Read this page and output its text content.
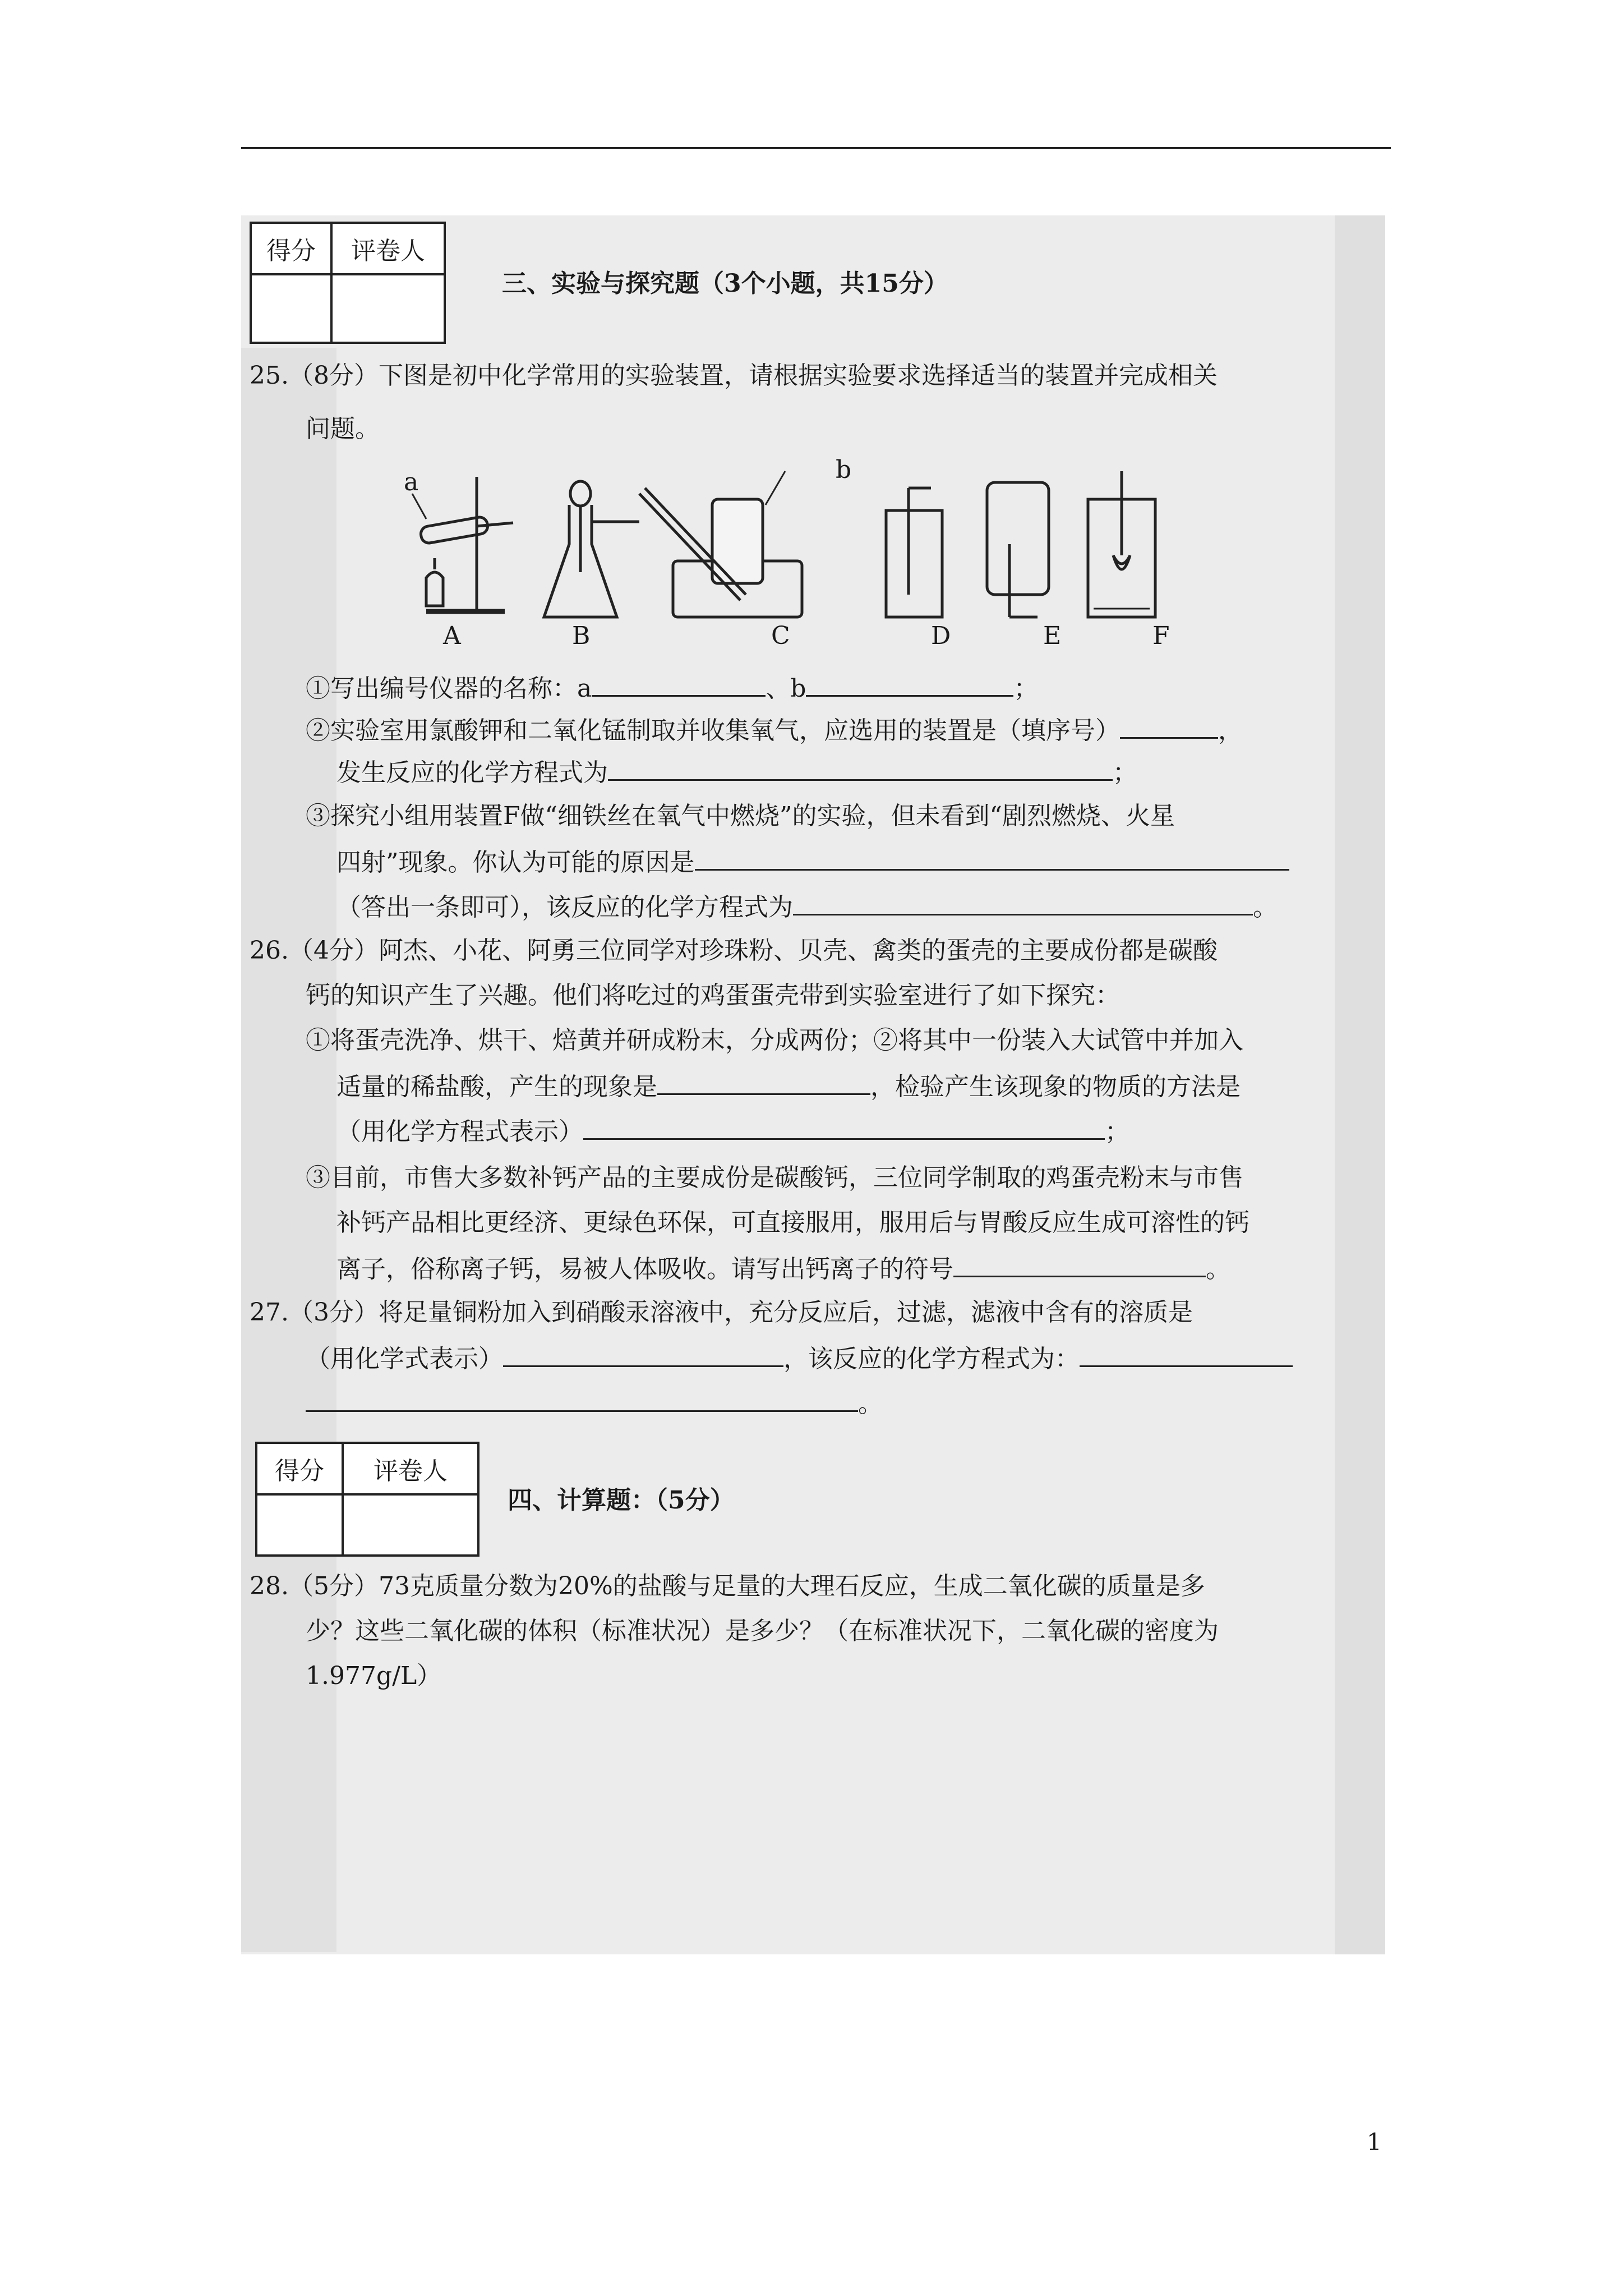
得分	评卷人

三、实验与探究题（3个小题，共15分）
25.（8分）下图是初中化学常用的实验装置，请根据实验要求选择适当的装置并完成相关
问题。
a	b
A	B	C	D	E	F
①写出编号仪器的名称：a	、b	；
②实验室用氯酸钾和二氧化锰制取并收集氧气，应选用的装置是（填序号）	，
发生反应的化学方程式为	；
③探究小组用装置F做“细铁丝在氧气中燃烧”的实验，但未看到“剧烈燃烧、火星
四射”现象。你认为可能的原因是
（答出一条即可），该反应的化学方程式为	。
26.（4分）阿杰、小花、阿勇三位同学对珍珠粉、贝壳、禽类的蛋壳的主要成份都是碳酸
钙的知识产生了兴趣。他们将吃过的鸡蛋蛋壳带到实验室进行了如下探究：
①将蛋壳洗净、烘干、焙黄并研成粉末，分成两份；②将其中一份装入大试管中并加入
适量的稀盐酸，产生的现象是	，检验产生该现象的物质的方法是
（用化学方程式表示）	；
③目前，市售大多数补钙产品的主要成份是碳酸钙，三位同学制取的鸡蛋壳粉末与市售
补钙产品相比更经济、更绿色环保，可直接服用，服用后与胃酸反应生成可溶性的钙
离子，俗称离子钙，易被人体吸收。请写出钙离子的符号	。
27.（3分）将足量铜粉加入到硝酸汞溶液中，充分反应后，过滤，滤液中含有的溶质是
（用化学式表示）	，该反应的化学方程式为：
。
得分	评卷人

四、计算题：（5分）
28.（5分）73克质量分数为20%的盐酸与足量的大理石反应，生成二氧化碳的质量是多
少？这些二氧化碳的体积（标准状况）是多少？（在标准状况下，二氧化碳的密度为
1.977g/L）
1
